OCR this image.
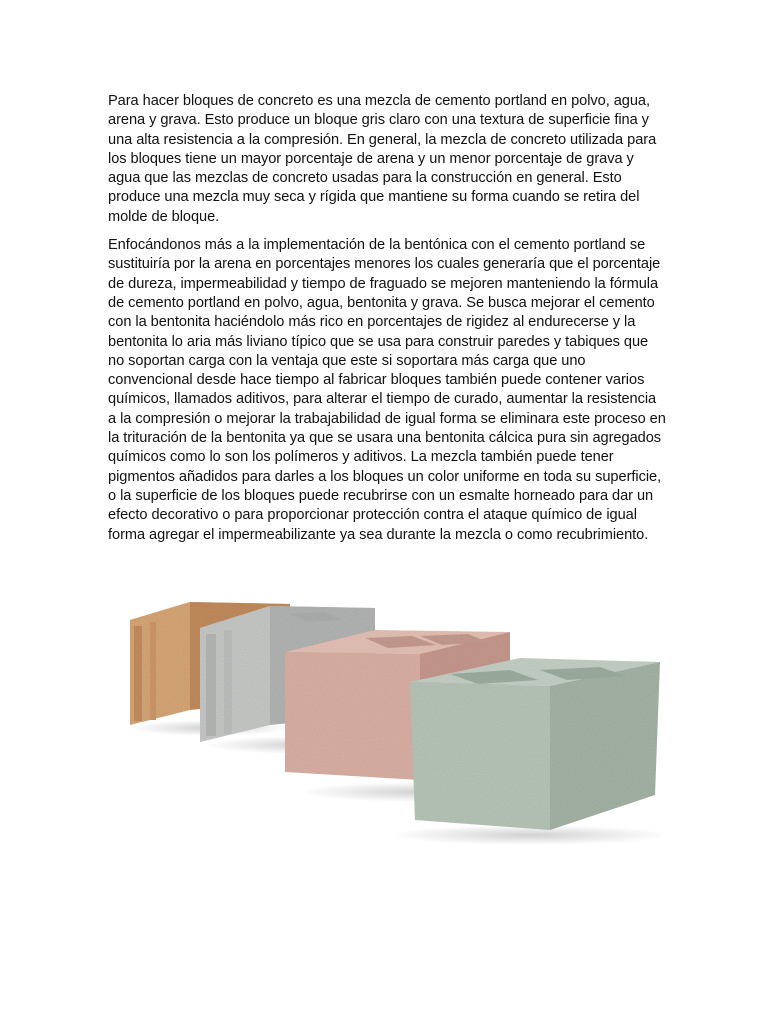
Para hacer bloques de concreto es una mezcla de cemento portland en polvo, agua, arena y grava. Esto produce un bloque gris claro con una textura de superficie fina y una alta resistencia a la compresión. En general, la mezcla de concreto utilizada para los bloques tiene un mayor porcentaje de arena y un menor porcentaje de grava y agua que las mezclas de concreto usadas para la construcción en general. Esto produce una mezcla muy seca y rígida que mantiene su forma cuando se retira del molde de bloque.

Enfocándonos más a la implementación de la bentónica con el cemento portland se sustituiría por la arena en porcentajes menores los cuales generaría que el porcentaje de dureza, impermeabilidad y tiempo de fraguado se mejoren manteniendo la fórmula de cemento portland en polvo, agua, bentonita y grava. Se busca mejorar el cemento con la bentonita haciéndolo más rico en porcentajes de rigidez al endurecerse y la bentonita lo aria más liviano típico que se usa para construir paredes y tabiques que no soportan carga con la ventaja que este si soportara más carga que uno convencional desde hace tiempo al fabricar bloques también puede contener varios químicos, llamados aditivos, para alterar el tiempo de curado, aumentar la resistencia a la compresión o mejorar la trabajabilidad de igual forma se eliminara este proceso en la trituración de la bentonita ya que se usara una bentonita cálcica pura sin agregados químicos como lo son los polímeros y aditivos. La mezcla también puede tener pigmentos añadidos para darles a los bloques un color uniforme en toda su superficie, o la superficie de los bloques puede recubrirse con un esmalte horneado para dar un efecto decorativo o para proporcionar protección contra el ataque químico de igual forma agregar el impermeabilizante ya sea durante la mezcla o como recubrimiento.
